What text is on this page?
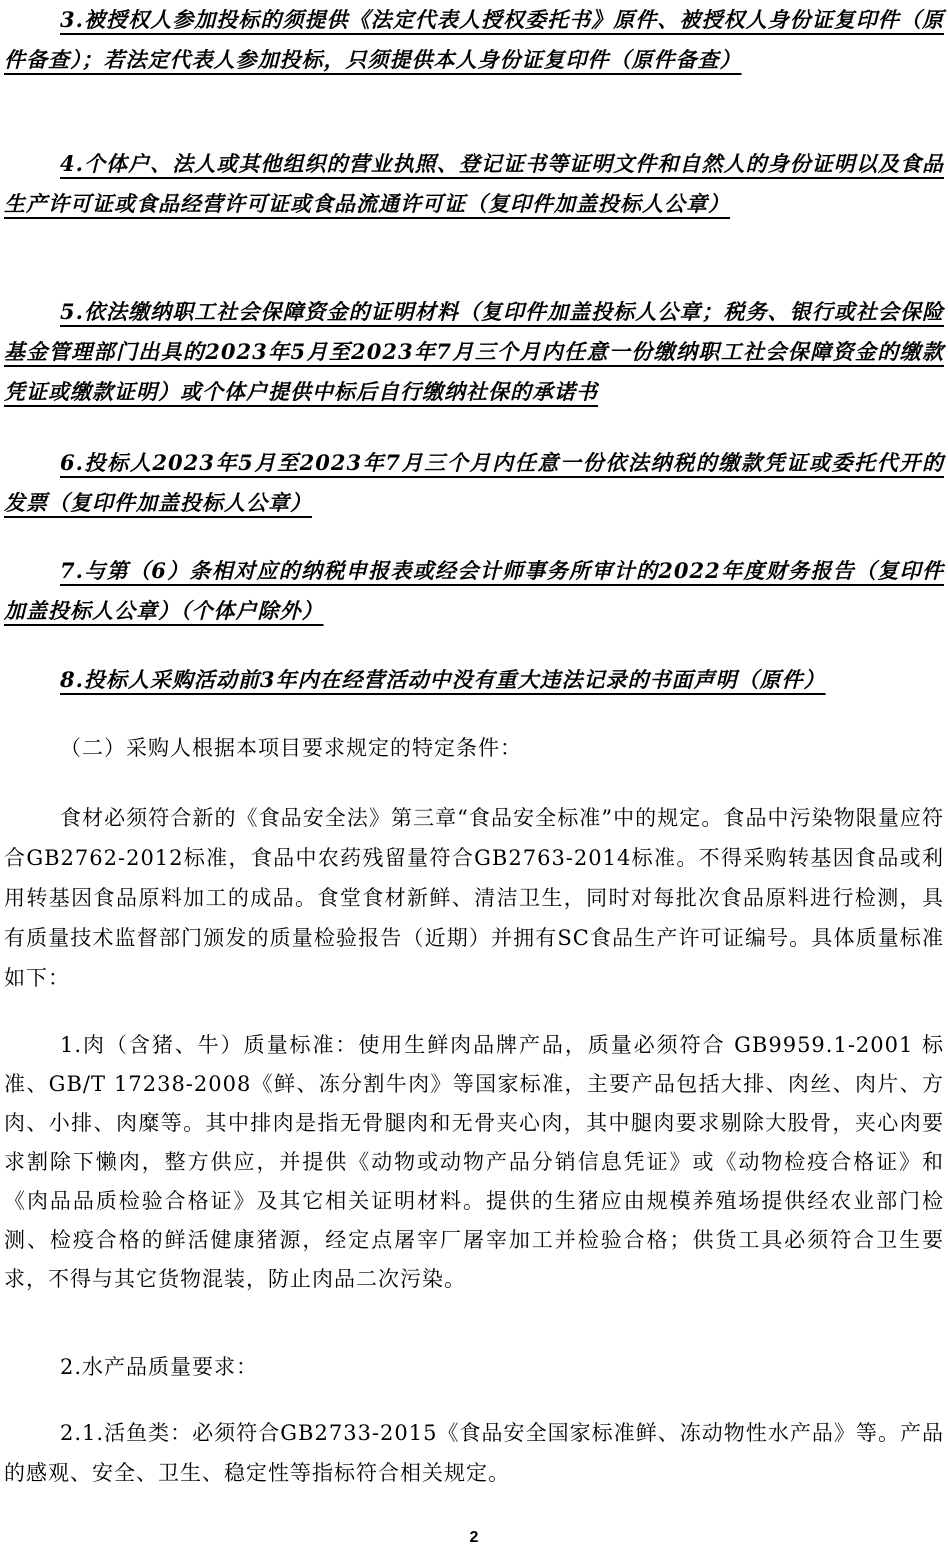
3.被授权人参加投标的须提供《法定代表人授权委托书》原件、被授权人身份证复印件（原件备查）；若法定代表人参加投标，只须提供本人身份证复印件（原件备查）

4.个体户、法人或其他组织的营业执照、登记证书等证明文件和自然人的身份证明以及食品生产许可证或食品经营许可证或食品流通许可证（复印件加盖投标人公章）

5.依法缴纳职工社会保障资金的证明材料（复印件加盖投标人公章；税务、银行或社会保险基金管理部门出具的2023年5月至2023年7月三个月内任意一份缴纳职工社会保障资金的缴款凭证或缴款证明）或个体户提供中标后自行缴纳社保的承诺书

6.投标人2023年5月至2023年7月三个月内任意一份依法纳税的缴款凭证或委托代开的发票（复印件加盖投标人公章）

7.与第（6）条相对应的纳税申报表或经会计师事务所审计的2022年度财务报告（复印件加盖投标人公章）（个体户除外）

8.投标人采购活动前3年内在经营活动中没有重大违法记录的书面声明（原件）

（二）采购人根据本项目要求规定的特定条件：

食材必须符合新的《食品安全法》第三章“食品安全标准”中的规定。食品中污染物限量应符合GB2762-2012标准，食品中农药残留量符合GB2763-2014标准。不得采购转基因食品或利用转基因食品原料加工的成品。食堂食材新鲜、清洁卫生，同时对每批次食品原料进行检测，具有质量技术监督部门颁发的质量检验报告（近期）并拥有SC食品生产许可证编号。具体质量标准如下：

1.肉（含猪、牛）质量标准：使用生鲜肉品牌产品，质量必须符合 GB9959.1-2001 标准、GB/T 17238-2008《鲜、冻分割牛肉》等国家标准，主要产品包括大排、肉丝、肉片、方肉、小排、肉糜等。其中排肉是指无骨腿肉和无骨夹心肉，其中腿肉要求剔除大股骨，夹心肉要求割除下懒肉，整方供应，并提供《动物或动物产品分销信息凭证》或《动物检疫合格证》和《肉品品质检验合格证》及其它相关证明材料。提供的生猪应由规模养殖场提供经农业部门检测、检疫合格的鲜活健康猪源，经定点屠宰厂屠宰加工并检验合格；供货工具必须符合卫生要求，不得与其它货物混装，防止肉品二次污染。

2.水产品质量要求：

2.1.活鱼类：必须符合GB2733-2015《食品安全国家标准鲜、冻动物性水产品》等。产品的感观、安全、卫生、稳定性等指标符合相关规定。

2
